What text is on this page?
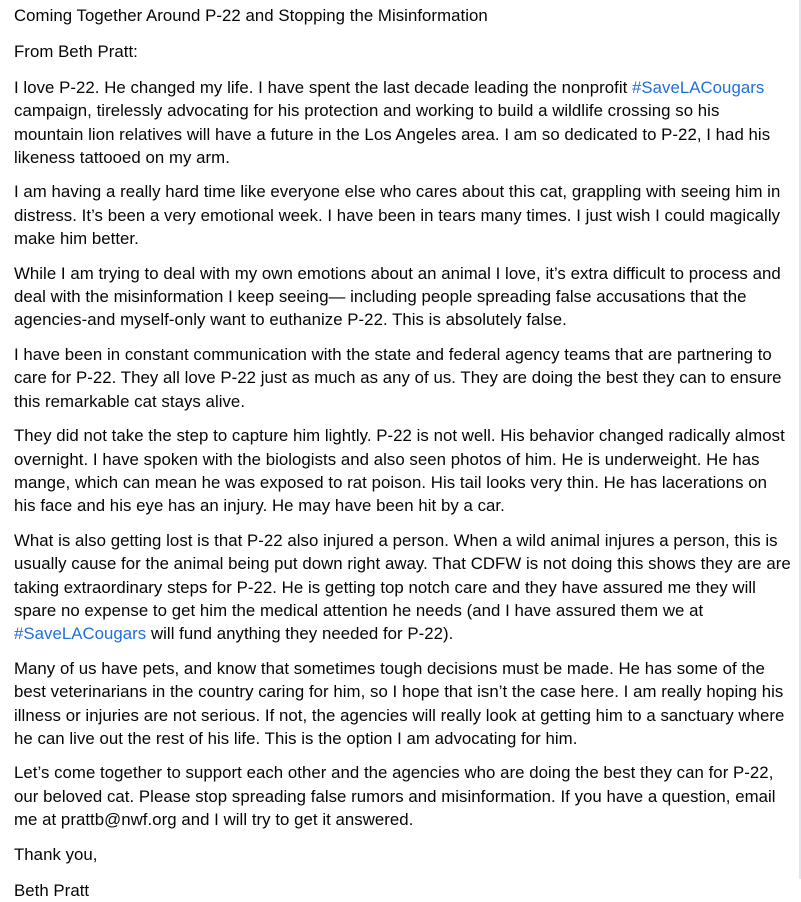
Coming Together Around P-22 and Stopping the Misinformation

From Beth Pratt:

I love P-22. He changed my life. I have spent the last decade leading the nonprofit #SaveLACougars campaign, tirelessly advocating for his protection and working to build a wildlife crossing so his mountain lion relatives will have a future in the Los Angeles area. I am so dedicated to P-22, I had his likeness tattooed on my arm.

I am having a really hard time like everyone else who cares about this cat, grappling with seeing him in distress. It’s been a very emotional week. I have been in tears many times. I just wish I could magically make him better.

While I am trying to deal with my own emotions about an animal I love, it’s extra difficult to process and deal with the misinformation I keep seeing— including people spreading false accusations that the agencies-and myself-only want to euthanize P-22. This is absolutely false.

I have been in constant communication with the state and federal agency teams that are partnering to care for P-22. They all love P-22 just as much as any of us. They are doing the best they can to ensure this remarkable cat stays alive.

They did not take the step to capture him lightly. P-22 is not well. His behavior changed radically almost overnight. I have spoken with the biologists and also seen photos of him. He is underweight. He has mange, which can mean he was exposed to rat poison. His tail looks very thin. He has lacerations on his face and his eye has an injury. He may have been hit by a car.

What is also getting lost is that P-22 also injured a person. When a wild animal injures a person, this is usually cause for the animal being put down right away. That CDFW is not doing this shows they are are taking extraordinary steps for P-22. He is getting top notch care and they have assured me they will spare no expense to get him the medical attention he needs (and I have assured them we at #SaveLACougars will fund anything they needed for P-22).

Many of us have pets, and know that sometimes tough decisions must be made. He has some of the best veterinarians in the country caring for him, so I hope that isn’t the case here. I am really hoping his illness or injuries are not serious. If not, the agencies will really look at getting him to a sanctuary where he can live out the rest of his life. This is the option I am advocating for him.

Let’s come together to support each other and the agencies who are doing the best they can for P-22, our beloved cat. Please stop spreading false rumors and misinformation. If you have a question, email me at prattb@nwf.org and I will try to get it answered.

Thank you,

Beth Pratt
